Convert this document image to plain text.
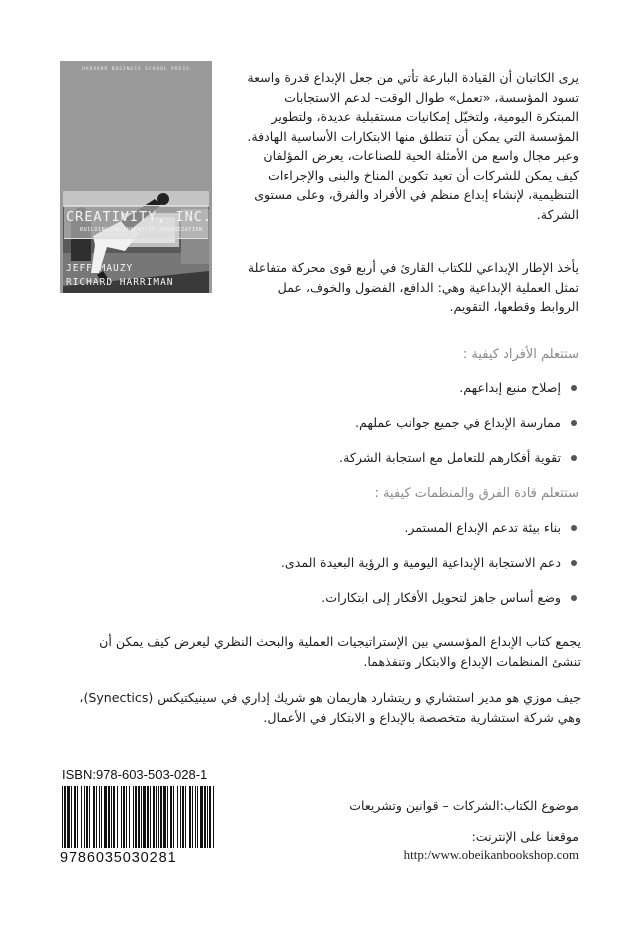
HARVARD BUSINESS SCHOOL PRESS
CREATIVITY, INC.
BUILDING AN INVENTIVE ORGANIZATION
JEFF MAUZY
RICHARD HARRIMAN
يرى الكاتبان أن القيادة البارعة تأتي من جعل الإبداع قدرة واسعة تسود المؤسسة، «تعمل» طوال الوقت- لدعم الاستجابات المبتكرة اليومية، ولتخيّل إمكانيات مستقبلية عديدة، ولتطوير المؤسسة التي يمكن أن تنطلق منها الابتكارات الأساسية الهادفة. وعبر مجال واسع من الأمثلة الحية للصناعات، يعرض المؤلفان كيف يمكن للشركات أن تعيد تكوين المناخ والبنى والإجراءات التنظيمية، لإنشاء إبداع منظم في الأفراد والفرق، وعلى مستوى الشركة.
يأخذ الإطار الإبداعي للكتاب القارئ في أربع قوى محركة متفاعلة تمثل العملية الإبداعية وهي: الدافع، الفضول والخوف، عمل الروابط وقطعها، التقويم.
ستتعلم الأفراد كيفية :
إصلاح منبع إبداعهم.
ممارسة الإبداع في جميع جوانب عملهم.
تقوية أفكارهم للتعامل مع استجابة الشركة.
ستتعلم قادة الفرق والمنظمات كيفية :
بناء بيئة تدعم الإبداع المستمر.
دعم الاستجابة الإبداعية اليومية و الرؤية البعيدة المدى.
وضع أساس جاهز لتحويل الأفكار إلى ابتكارات.
يجمع كتاب الإبداع المؤسسي بين الإستراتيجيات العملية والبحث النظري ليعرض كيف يمكن أن تنشئ المنظمات الإبداع والابتكار وتنفذهما.
جيف موزي هو مدير استشاري و ريتشارد هاريمان هو شريك إداري في سينيكتيكس (Synectics)،
وهي شركة استشارية متخصصة بالإبداع و الابتكار في الأعمال.
ISBN:978-603-503-028-1
9786035030281
موضوع الكتاب:الشركات – قوانين وتشريعات
موقعنا على الإنترنت:
http:/www.obeikanbookshop.com
